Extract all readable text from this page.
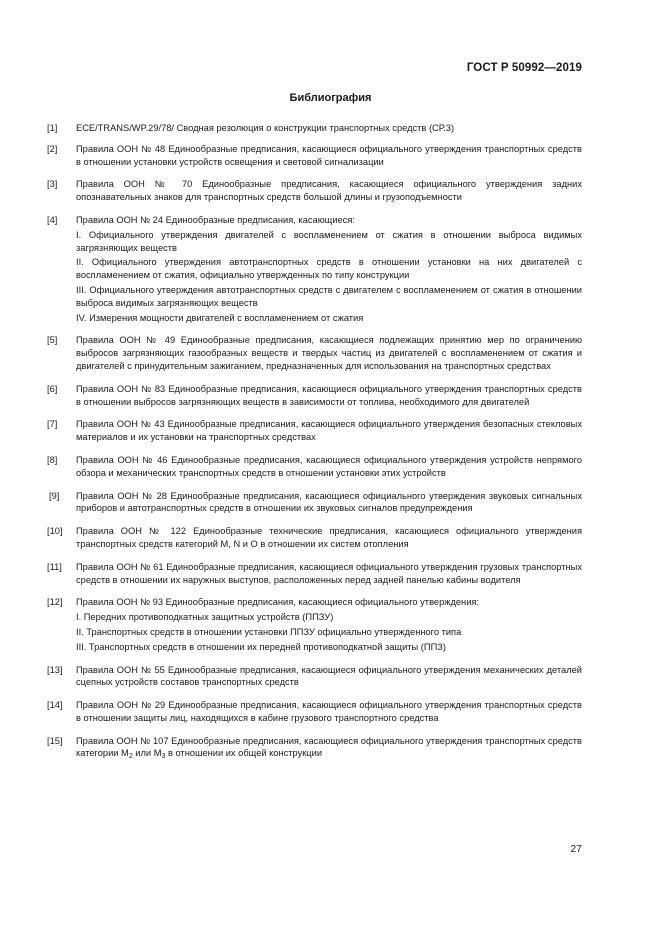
ГОСТ Р 50992—2019
Библиография
[1]	ECE/TRANS/WP.29/78/ Сводная резолюция о конструкции транспортных средств (СР.3)

[2]	Правила ООН № 48 Единообразные предписания, касающиеся официального утверждения транспортных средств в отношении установки устройств освещения и световой сигнализации

[3]	Правила ООН № 70 Единообразные предписания, касающиеся официального утверждения задних опознавательных знаков для транспортных средств большой длины и грузоподъемности

[4]	Правила ООН № 24 Единообразные предписания, касающиеся:

I. Официального утверждения двигателей с воспламенением от сжатия в отношении выброса видимых загрязняющих веществ

II. Официального утверждения автотранспортных средств в отношении установки на них двигателей с воспламенением от сжатия, официально утвержденных по типу конструкции

III. Официального утверждения автотранспортных средств с двигателем с воспламенением от сжатия в отношении выброса видимых загрязняющих веществ

IV. Измерения мощности двигателей с воспламенением от сжатия

[5]	Правила ООН № 49 Единообразные предписания, касающиеся подлежащих принятию мер по ограничению выбросов загрязняющих газообразных веществ и твердых частиц из двигателей с воспламенением от сжатия и двигателей с принудительным зажиганием, предназначенных для использования на транспортных средствах

[6]	Правила ООН № 83 Единообразные предписания, касающиеся официального утверждения транспортных средств в отношении выбросов загрязняющих веществ в зависимости от топлива, необходимого для двигателей

[7]	Правила ООН № 43 Единообразные предписания, касающиеся официального утверждения безопасных стекловых материалов и их установки на транспортных средствах

[8]	Правила ООН № 46 Единообразные предписания, касающиеся официального утверждения устройств непрямого обзора и механических транспортных средств в отношении установки этих устройств

[9]	Правила ООН № 28 Единообразные предписания, касающиеся официального утверждения звуковых сигнальных приборов и автотранспортных средств в отношении их звуковых сигналов предупреждения

[10]	Правила ООН № 122 Единообразные технические предписания, касающиеся официального утверждения транспортных средств категорий М, N и О в отношении их систем отопления

[11]	Правила ООН № 61 Единообразные предписания, касающиеся официального утверждения грузовых транспортных средств в отношении их наружных выступов, расположенных перед задней панелью кабины водителя

[12]	Правила ООН № 93 Единообразные предписания, касающиеся официального утверждения:

I. Передних противоподкатных защитных устройств (ППЗУ)

II. Транспортных средств в отношении установки ППЗУ официально утвержденного типа

III. Транспортных средств в отношении их передней противоподкатной защиты (ППЗ)

[13]	Правила ООН № 55 Единообразные предписания, касающиеся официального утверждения механических деталей сцепных устройств составов транспортных средств

[14]	Правила ООН № 29 Единообразные предписания, касающиеся официального утверждения транспортных средств в отношении защиты лиц, находящихся в кабине грузового транспортного средства

[15]	Правила ООН № 107 Единообразные предписания, касающиеся официального утверждения транспортных средств категории $М_2$ или $М_3$ в отношении их общей конструкции

27
